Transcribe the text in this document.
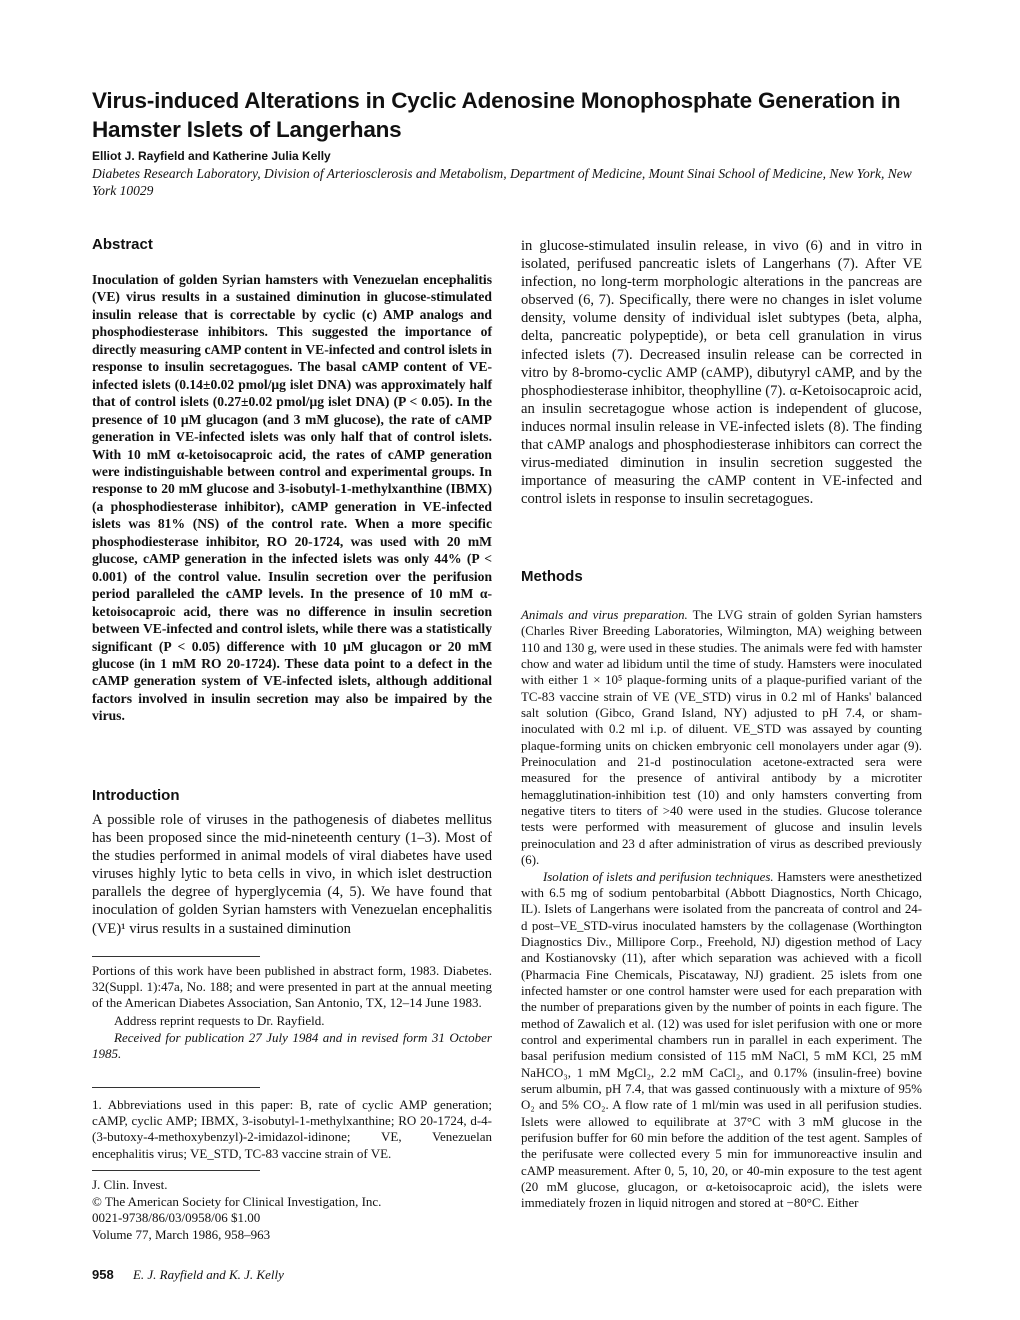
Virus-induced Alterations in Cyclic Adenosine Monophosphate Generation in Hamster Islets of Langerhans
Elliot J. Rayfield and Katherine Julia Kelly
Diabetes Research Laboratory, Division of Arteriosclerosis and Metabolism, Department of Medicine, Mount Sinai School of Medicine, New York, New York 10029
Abstract

Inoculation of golden Syrian hamsters with Venezuelan encephalitis (VE) virus results in a sustained diminution in glucose-stimulated insulin release that is correctable by cyclic (c) AMP analogs and phosphodiesterase inhibitors. This suggested the importance of directly measuring cAMP content in VE-infected and control islets in response to insulin secretagogues. The basal cAMP content of VE-infected islets (0.14±0.02 pmol/μg islet DNA) was approximately half that of control islets (0.27±0.02 pmol/μg islet DNA) (P < 0.05). In the presence of 10 μM glucagon (and 3 mM glucose), the rate of cAMP generation in VE-infected islets was only half that of control islets. With 10 mM α-ketoisocaproic acid, the rates of cAMP generation were indistinguishable between control and experimental groups. In response to 20 mM glucose and 3-isobutyl-1-methylxanthine (IBMX) (a phosphodiesterase inhibitor), cAMP generation in VE-infected islets was 81% (NS) of the control rate. When a more specific phosphodiesterase inhibitor, RO 20-1724, was used with 20 mM glucose, cAMP generation in the infected islets was only 44% (P < 0.001) of the control value. Insulin secretion over the perifusion period paralleled the cAMP levels. In the presence of 10 mM α-ketoisocaproic acid, there was no difference in insulin secretion between VE-infected and control islets, while there was a statistically significant (P < 0.05) difference with 10 μM glucagon or 20 mM glucose (in 1 mM RO 20-1724). These data point to a defect in the cAMP generation system of VE-infected islets, although additional factors involved in insulin secretion may also be impaired by the virus.

Introduction

A possible role of viruses in the pathogenesis of diabetes mellitus has been proposed since the mid-nineteenth century (1–3). Most of the studies performed in animal models of viral diabetes have used viruses highly lytic to beta cells in vivo, in which islet destruction parallels the degree of hyperglycemia (4, 5). We have found that inoculation of golden Syrian hamsters with Venezuelan encephalitis (VE)¹ virus results in a sustained diminution

Portions of this work have been published in abstract form, 1983. Diabetes. 32(Suppl. 1):47a, No. 188; and were presented in part at the annual meeting of the American Diabetes Association, San Antonio, TX, 12–14 June 1983.

Address reprint requests to Dr. Rayfield.

Received for publication 27 July 1984 and in revised form 31 October 1985.

1. Abbreviations used in this paper: B, rate of cyclic AMP generation; cAMP, cyclic AMP; IBMX, 3-isobutyl-1-methylxanthine; RO 20-1724, d-4-(3-butoxy-4-methoxybenzyl)-2-imidazol-idinone; VE, Venezuelan encephalitis virus; VE_STD, TC-83 vaccine strain of VE.

J. Clin. Invest.

© The American Society for Clinical Investigation, Inc.

0021-9738/86/03/0958/06 $1.00

Volume 77, March 1986, 958–963

958 E. J. Rayfield and K. J. Kelly

in glucose-stimulated insulin release, in vivo (6) and in vitro in isolated, perifused pancreatic islets of Langerhans (7). After VE infection, no long-term morphologic alterations in the pancreas are observed (6, 7). Specifically, there were no changes in islet volume density, volume density of individual islet subtypes (beta, alpha, delta, pancreatic polypeptide), or beta cell granulation in virus infected islets (7). Decreased insulin release can be corrected in vitro by 8-bromo-cyclic AMP (cAMP), dibutyryl cAMP, and by the phosphodiesterase inhibitor, theophylline (7). α-Ketoisocaproic acid, an insulin secretagogue whose action is independent of glucose, induces normal insulin release in VE-infected islets (8). The finding that cAMP analogs and phosphodiesterase inhibitors can correct the virus-mediated diminution in insulin secretion suggested the importance of measuring the cAMP content in VE-infected and control islets in response to insulin secretagogues.

Methods

Animals and virus preparation. The LVG strain of golden Syrian hamsters (Charles River Breeding Laboratories, Wilmington, MA) weighing between 110 and 130 g, were used in these studies. The animals were fed with hamster chow and water ad libidum until the time of study. Hamsters were inoculated with either 1 × 10⁵ plaque-forming units of a plaque-purified variant of the TC-83 vaccine strain of VE (VE_STD) virus in 0.2 ml of Hanks' balanced salt solution (Gibco, Grand Island, NY) adjusted to pH 7.4, or sham-inoculated with 0.2 ml i.p. of diluent. VE_STD was assayed by counting plaque-forming units on chicken embryonic cell monolayers under agar (9). Preinoculation and 21-d postinoculation acetone-extracted sera were measured for the presence of antiviral antibody by a microtiter hemagglutination-inhibition test (10) and only hamsters converting from negative titers to titers of >40 were used in the studies. Glucose tolerance tests were performed with measurement of glucose and insulin levels preinoculation and 23 d after administration of virus as described previously (6).

Isolation of islets and perifusion techniques. Hamsters were anesthetized with 6.5 mg of sodium pentobarbital (Abbott Diagnostics, North Chicago, IL). Islets of Langerhans were isolated from the pancreata of control and 24-d post–VE_STD-virus inoculated hamsters by the collagenase (Worthington Diagnostics Div., Millipore Corp., Freehold, NJ) digestion method of Lacy and Kostianovsky (11), after which separation was achieved with a ficoll (Pharmacia Fine Chemicals, Piscataway, NJ) gradient. 25 islets from one infected hamster or one control hamster were used for each preparation with the number of preparations given by the number of points in each figure. The method of Zawalich et al. (12) was used for islet perifusion with one or more control and experimental chambers run in parallel in each experiment. The basal perifusion medium consisted of 115 mM NaCl, 5 mM KCl, 25 mM NaHCO₃, 1 mM MgCl₂, 2.2 mM CaCl₂, and 0.17% (insulin-free) bovine serum albumin, pH 7.4, that was gassed continuously with a mixture of 95% O₂ and 5% CO₂. A flow rate of 1 ml/min was used in all perifusion studies. Islets were allowed to equilibrate at 37°C with 3 mM glucose in the perifusion buffer for 60 min before the addition of the test agent. Samples of the perifusate were collected every 5 min for immunoreactive insulin and cAMP measurement. After 0, 5, 10, 20, or 40-min exposure to the test agent (20 mM glucose, glucagon, or α-ketoisocaproic acid), the islets were immediately frozen in liquid nitrogen and stored at −80°C. Either
